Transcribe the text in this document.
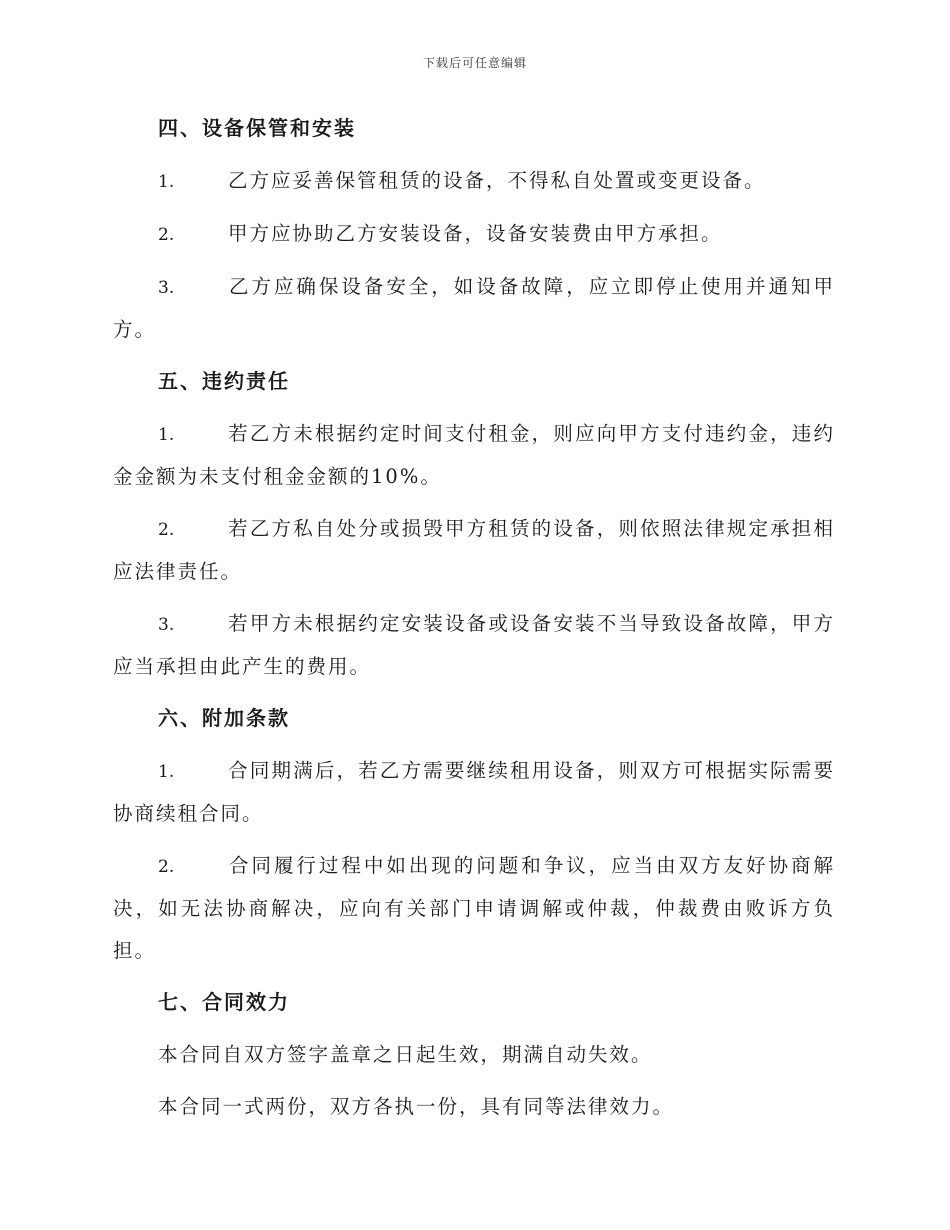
下载后可任意编辑
四、设备保管和安装
1.	乙方应妥善保管租赁的设备，不得私自处置或变更设备。
2.	甲方应协助乙方安装设备，设备安装费由甲方承担。
3.	乙方应确保设备安全，如设备故障，应立即停止使用并通知甲方。
五、违约责任
1.	若乙方未根据约定时间支付租金，则应向甲方支付违约金，违约金金额为未支付租金金额的10%。
2.	若乙方私自处分或损毁甲方租赁的设备，则依照法律规定承担相应法律责任。
3.	若甲方未根据约定安装设备或设备安装不当导致设备故障，甲方应当承担由此产生的费用。
六、附加条款
1.	合同期满后，若乙方需要继续租用设备，则双方可根据实际需要协商续租合同。
2.	合同履行过程中如出现的问题和争议，应当由双方友好协商解决，如无法协商解决，应向有关部门申请调解或仲裁，仲裁费由败诉方负担。
七、合同效力
本合同自双方签字盖章之日起生效，期满自动失效。
本合同一式两份，双方各执一份，具有同等法律效力。
